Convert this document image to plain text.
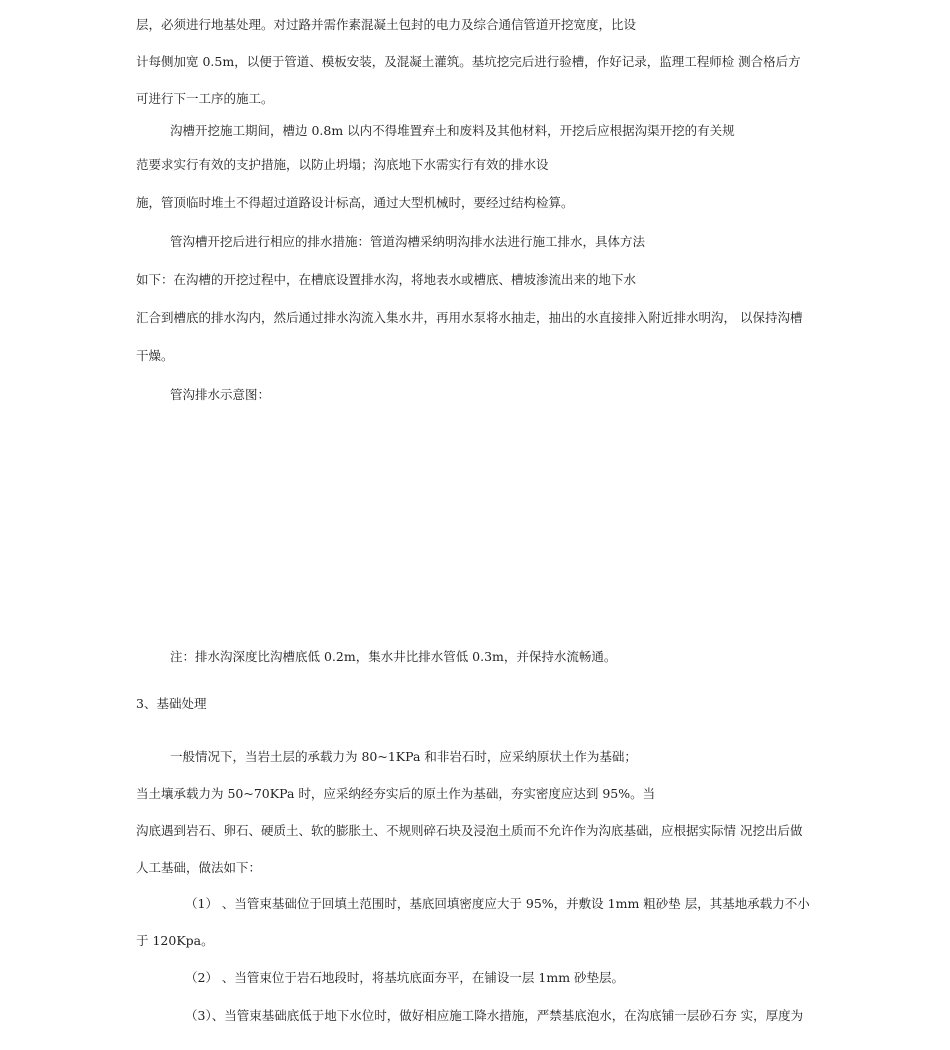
层，必须进行地基处理。对过路并需作素混凝土包封的电力及综合通信管道开挖宽度，比设

计每侧加宽 0.5m，以便于管道、模板安装，及混凝土灌筑。基坑挖完后进行验槽，作好记录，监理工程师检 测合格后方

可进行下一工序的施工。

沟槽开挖施工期间，槽边 0.8m 以内不得堆置弃土和废料及其他材料，开挖后应根据沟渠开挖的有关规

范要求实行有效的支护措施，以防止坍塌；沟底地下水需实行有效的排水设

施，管顶临时堆土不得超过道路设计标高，通过大型机械时，要经过结构检算。

管沟槽开挖后进行相应的排水措施：管道沟槽采纳明沟排水法进行施工排水，具体方法

如下：在沟槽的开挖过程中，在槽底设置排水沟，将地表水或槽底、槽坡渗流出来的地下水

汇合到槽底的排水沟内，然后通过排水沟流入集水井，再用水泵将水抽走，抽出的水直接排入附近排水明沟， 以保持沟槽

干燥。

管沟排水示意图：

注：排水沟深度比沟槽底低 0.2m，集水井比排水管低 0.3m，并保持水流畅通。

3、基础处理

一般情况下，当岩土层的承载力为 80~1KPa 和非岩石时，应采纳原状土作为基础；

当土壤承载力为 50~70KPa 时，应采纳经夯实后的原土作为基础，夯实密度应达到 95%。当

沟底遇到岩石、卵石、硬质土、软的膨胀土、不规则碎石块及浸泡土质而不允许作为沟底基础，应根据实际情 况挖出后做

人工基础，做法如下：

（1） 、当管束基础位于回填土范围时，基底回填密度应大于 95%，并敷设 1mm 粗砂垫 层，其基地承载力不小

于 120Kpa。

（2） 、当管束位于岩石地段时，将基坑底面夯平，在铺设一层 1mm 砂垫层。

（3）、当管束基础底低于地下水位时，做好相应施工降水措施，严禁基底泡水，在沟底铺一层砂石夯 实，厚度为
